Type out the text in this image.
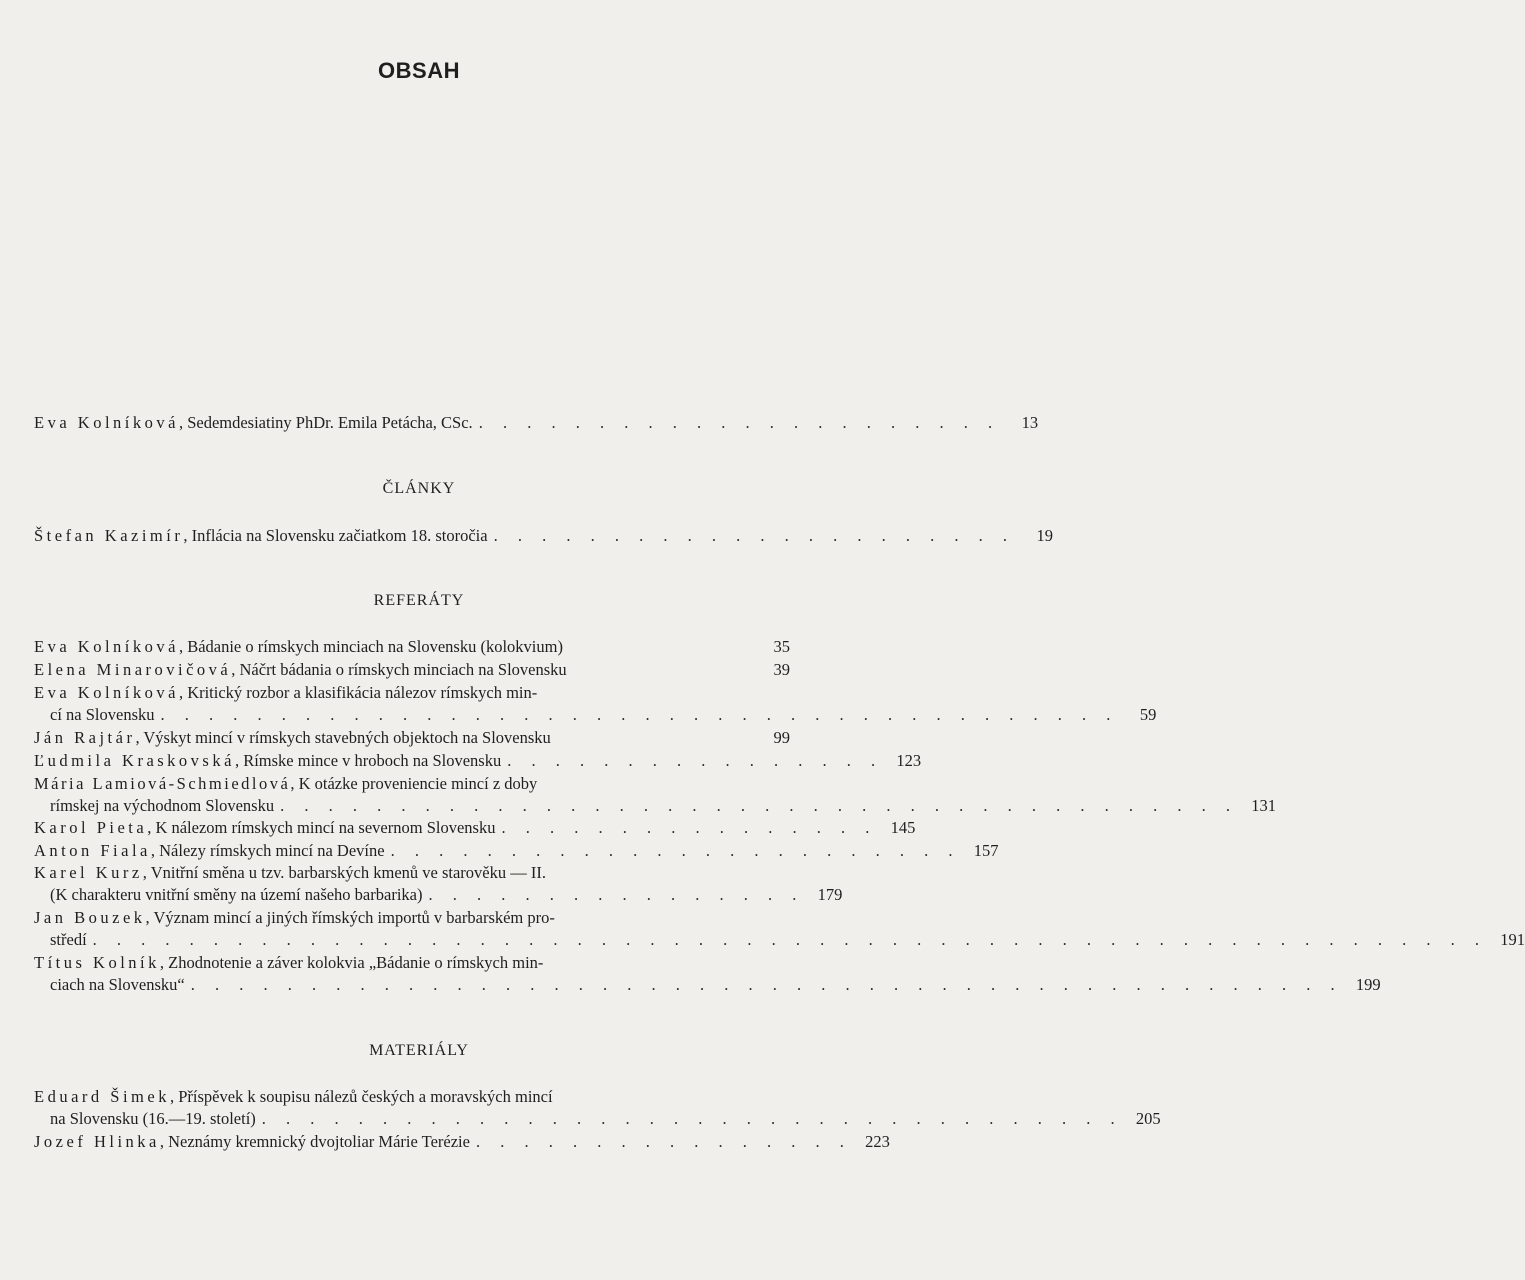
OBSAH
Eva Kolníková, Sedemdesiatiny PhDr. Emila Petácha, CSc. . . . . . . . . . . . . . . . . . . . . . .	13
ČLÁNKY
Štefan Kazimír, Inflácia na Slovensku začiatkom 18. storočia . . . . . . . . . . . . . . . . . . . . . .	19
REFERÁTY
Eva Kolníková, Bádanie o rímskych minciach na Slovensku (kolokvium)	35
Elena Minarovičová, Náčrt bádania o rímskych minciach na Slovensku	39
Eva Kolníková, Kritický rozbor a klasifikácia nálezov rímskych min-
cí na Slovensku . . . . . . . . . . . . . . . . . . . . . . . . . . . . . . . . . . . . . . . .	59
Ján Rajtár, Výskyt mincí v rímskych stavebných objektoch na Slovensku	99
Ľudmila Kraskovská, Rímske mince v hroboch na Slovensku . . . . . . . . . . . . . . . . 123
Mária Lamiová-Schmiedlová, K otázke proveniencie mincí z doby
rímskej na východnom Slovensku . . . . . . . . . . . . . . . . . . . . . . . . . . . . . . . . . . . . . . . . 131
Karol Pieta, K nálezom rímskych mincí na severnom Slovensku . . . . . . . . . . . . . . . . 145
Anton Fiala, Nálezy rímskych mincí na Devíne . . . . . . . . . . . . . . . . . . . . . . . . 157
Karel Kurz, Vnitřní směna u tzv. barbarských kmenů ve starověku — II.
(K charakteru vnitřní směny na území našeho barbarika) . . . . . . . . . . . . . . . . 179
Jan Bouzek, Význam mincí a jiných římských importů v barbarském pro-
středí . . . . . . . . . . . . . . . . . . . . . . . . . . . . . . . . . . . . . . . . . . . . . . . . . . . . . . . . . . 191
Títus Kolník, Zhodnotenie a záver kolokvia „Bádanie o rímskych min-
ciach na Slovensku“ . . . . . . . . . . . . . . . . . . . . . . . . . . . . . . . . . . . . . . . . . . . . . . . . 199
MATERIÁLY
Eduard Šimek, Příspěvek k soupisu nálezů českých a moravských mincí
na Slovensku (16.—19. století) . . . . . . . . . . . . . . . . . . . . . . . . . . . . . . . . . . . . 205
Jozef Hlinka, Neznámy kremnický dvojtoliar Márie Terézie . . . . . . . . . . . . . . . . 223
